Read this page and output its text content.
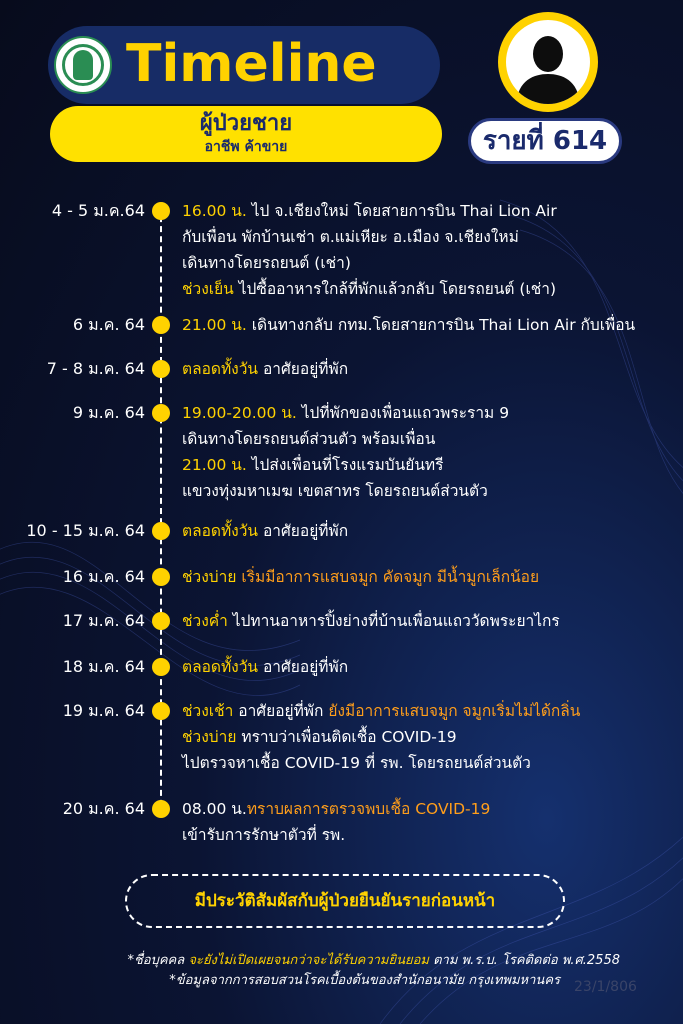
Timeline
ผู้ป่วยชาย
อาชีพ ค้าขาย	รายที่ 614
4 - 5 ม.ค.64 16.00 น. ไป จ.เชียงใหม่ โดยสายการบิน Thai Lion Air
กับเพื่อน พักบ้านเช่า ต.แม่เหียะ อ.เมือง จ.เชียงใหม่
เดินทางโดยรถยนต์ (เช่า)
ช่วงเย็น ไปซื้ออาหารใกล้ที่พักแล้วกลับ โดยรถยนต์ (เช่า)
6 ม.ค. 64 21.00 น. เดินทางกลับ กทม.โดยสายการบิน Thai Lion Air กับเพื่อน
7 - 8 ม.ค. 64 ตลอดทั้งวัน อาศัยอยู่ที่พัก
9 ม.ค. 64 19.00-20.00 น. ไปที่พักของเพื่อนแถวพระราม 9
เดินทางโดยรถยนต์ส่วนตัว พร้อมเพื่อน
21.00 น. ไปส่งเพื่อนที่โรงแรมบันยันทรี
แขวงทุ่งมหาเมฆ เขตสาทร โดยรถยนต์ส่วนตัว
10 - 15 ม.ค. 64 ตลอดทั้งวัน อาศัยอยู่ที่พัก
16 ม.ค. 64 ช่วงบ่าย เริ่มมีอาการแสบจมูก คัดจมูก มีน้ำมูกเล็กน้อย
17 ม.ค. 64 ช่วงค่ำ ไปทานอาหารปิ้งย่างที่บ้านเพื่อนแถววัดพระยาไกร
18 ม.ค. 64 ตลอดทั้งวัน อาศัยอยู่ที่พัก
19 ม.ค. 64 ช่วงเช้า อาศัยอยู่ที่พัก ยังมีอาการแสบจมูก จมูกเริ่มไม่ได้กลิ่น
ช่วงบ่าย ทราบว่าเพื่อนติดเชื้อ COVID-19
ไปตรวจหาเชื้อ COVID-19 ที่ รพ. โดยรถยนต์ส่วนตัว
20 ม.ค. 64 08.00 น.ทราบผลการตรวจพบเชื้อ COVID-19
เข้ารับการรักษาตัวที่ รพ.
มีประวัติสัมผัสกับผู้ป่วยยืนยันรายก่อนหน้า
*ชื่อบุคคล จะยังไม่เปิดเผยจนกว่าจะได้รับความยินยอม ตาม พ.ร.บ. โรคติดต่อ พ.ศ.2558
*ข้อมูลจากการสอบสวนโรคเบื้องต้นของสำนักอนามัย กรุงเทพมหานคร 23/1/806
